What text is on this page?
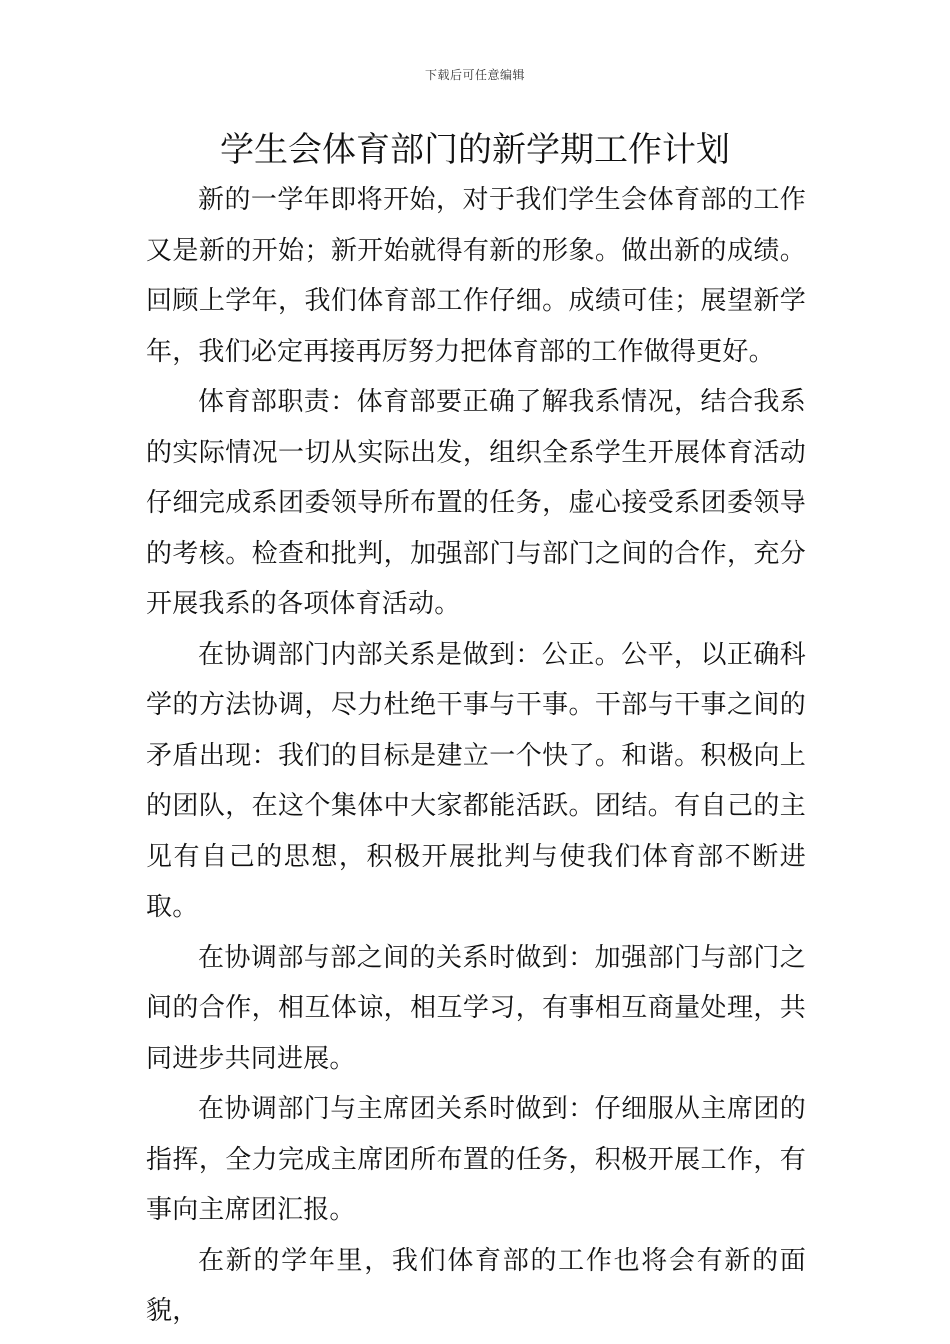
下载后可任意编辑
学生会体育部门的新学期工作计划

新的一学年即将开始，对于我们学生会体育部的工作又是新的开始；新开始就得有新的形象。做出新的成绩。回顾上学年，我们体育部工作仔细。成绩可佳；展望新学年，我们必定再接再厉努力把体育部的工作做得更好。

体育部职责：体育部要正确了解我系情况，结合我系的实际情况一切从实际出发，组织全系学生开展体育活动仔细完成系团委领导所布置的任务，虚心接受系团委领导的考核。检查和批判，加强部门与部门之间的合作，充分开展我系的各项体育活动。

在协调部门内部关系是做到：公正。公平，以正确科学的方法协调，尽力杜绝干事与干事。干部与干事之间的矛盾出现：我们的目标是建立一个快了。和谐。积极向上的团队，在这个集体中大家都能活跃。团结。有自己的主见有自己的思想，积极开展批判与使我们体育部不断进取。

在协调部与部之间的关系时做到：加强部门与部门之间的合作，相互体谅，相互学习，有事相互商量处理，共同进步共同进展。

在协调部门与主席团关系时做到：仔细服从主席团的指挥，全力完成主席团所布置的任务，积极开展工作，有事向主席团汇报。

在新的学年里，我们体育部的工作也将会有新的面貌，
